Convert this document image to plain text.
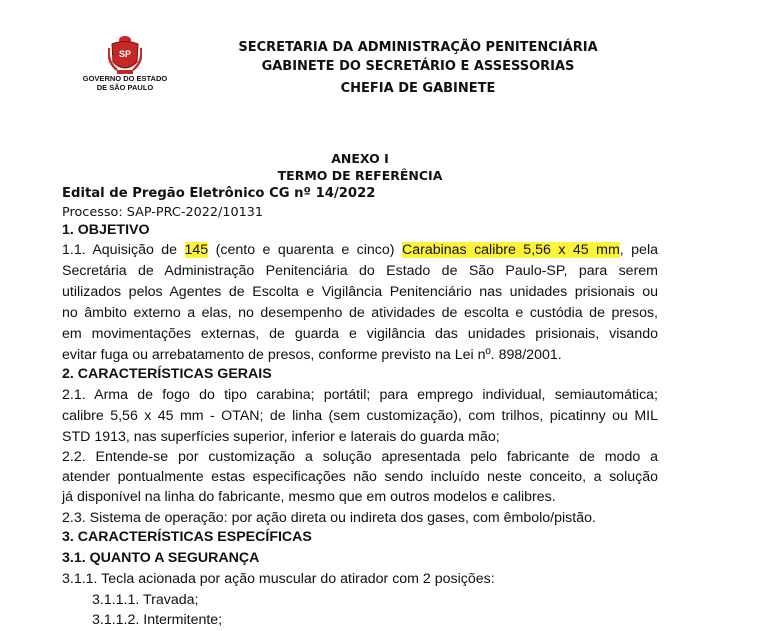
SP
GOVERNO DO ESTADO
DE SÃO PAULO
SECRETARIA DA ADMINISTRAÇÃO PENITENCIÁRIA
GABINETE DO SECRETÁRIO E ASSESSORIAS
CHEFIA DE GABINETE
ANEXO I
TERMO DE REFERÊNCIA
Edital de Pregão Eletrônico CG nº 14/2022
Processo: SAP-PRC-2022/10131
1. OBJETIVO
1.1. Aquisição de 145 (cento e quarenta e cinco) Carabinas calibre 5,56 x 45 mm, pela
Secretária de Administração Penitenciária do Estado de São Paulo-SP, para serem
utilizados pelos Agentes de Escolta e Vigilância Penitenciário nas unidades prisionais ou
no âmbito externo a elas, no desempenho de atividades de escolta e custódia de presos,
em movimentações externas, de guarda e vigilância das unidades prisionais, visando
evitar fuga ou arrebatamento de presos, conforme previsto na Lei nº. 898/2001.
2. CARACTERÍSTICAS GERAIS
2.1. Arma de fogo do tipo carabina; portátil; para emprego individual, semiautomática;
calibre 5,56 x 45 mm - OTAN; de linha (sem customização), com trilhos, picatinny ou MIL
STD 1913, nas superfícies superior, inferior e laterais do guarda mão;
2.2. Entende-se por customização a solução apresentada pelo fabricante de modo a
atender pontualmente estas especificações não sendo incluído neste conceito, a solução
já disponível na linha do fabricante, mesmo que em outros modelos e calibres.
2.3. Sistema de operação: por ação direta ou indireta dos gases, com êmbolo/pistão.
3. CARACTERÍSTICAS ESPECÍFICAS
3.1. QUANTO A SEGURANÇA
3.1.1. Tecla acionada por ação muscular do atirador com 2 posições:
3.1.1.1. Travada;
3.1.1.2. Intermitente;
